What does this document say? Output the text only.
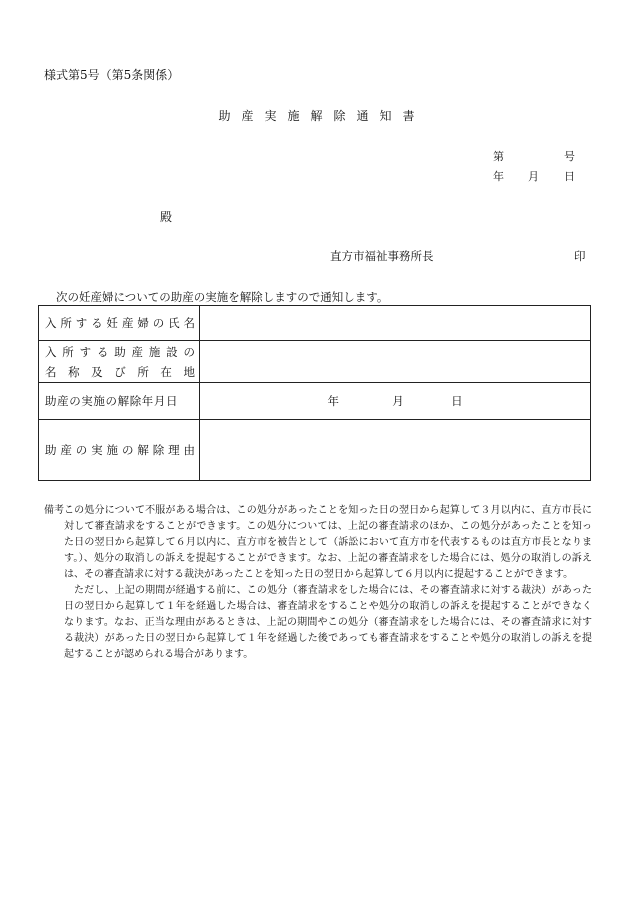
様式第5号（第5条関係）
助産実施解除通知書
第	号
年 月 日
殿
直方市福祉事務所長	印
次の妊産婦についての助産の実施を解除しますので通知します。
入所する妊産婦の氏名	

入所する助産施設の
名称及び所在地	

助産の実施の解除年月日	年 月 日

助産の実施の解除理由	

備考 この処分について不服がある場合は、この処分があったことを知った日の翌日から起算して３月以内に、直方市長に対して審査請求をすることができます。この処分については、上記の審査請求のほか、この処分があったことを知った日の翌日から起算して６月以内に、直方市を被告として（訴訟において直方市を代表するものは直方市長となります。）、処分の取消しの訴えを提起することができます。なお、上記の審査請求をした場合には、処分の取消しの訴えは、その審査請求に対する裁決があったことを知った日の翌日から起算して６月以内に提起することができます。

ただし、上記の期間が経過する前に、この処分（審査請求をした場合には、その審査請求に対する裁決）があった日の翌日から起算して１年を経過した場合は、審査請求をすることや処分の取消しの訴えを提起することができなくなります。なお、正当な理由があるときは、上記の期間やこの処分（審査請求をした場合には、その審査請求に対する裁決）があった日の翌日から起算して１年を経過した後であっても審査請求をすることや処分の取消しの訴えを提起することが認められる場合があります。
